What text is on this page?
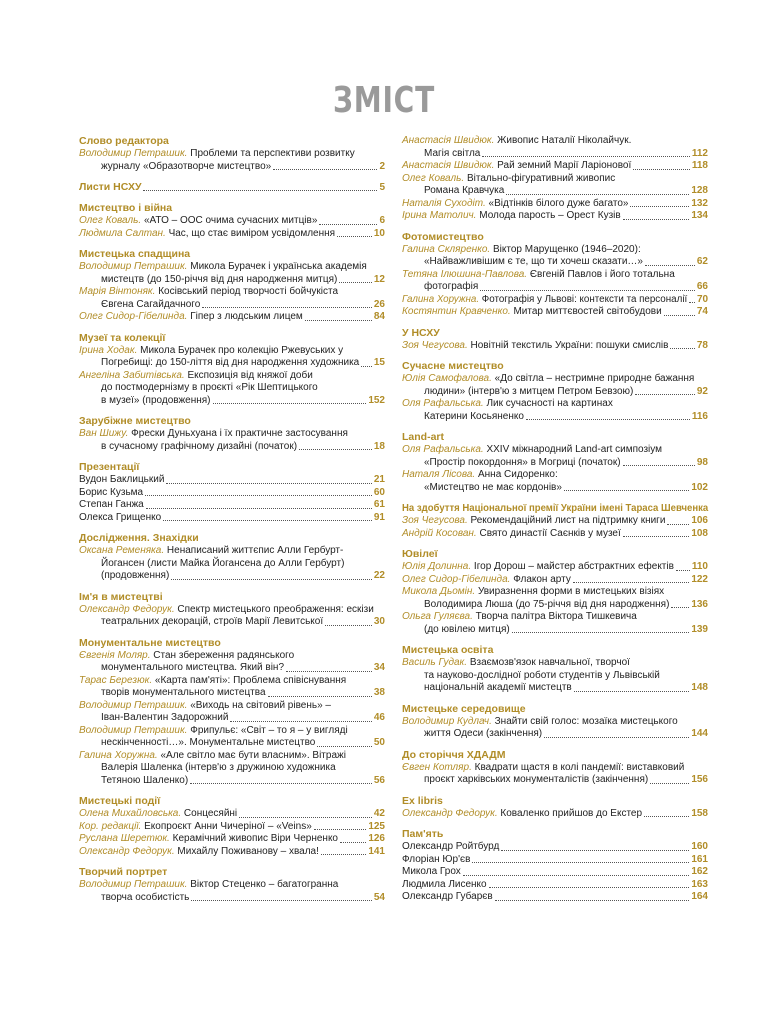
ЗМІСТ
Слово редактора
Володимир Петрашик. Проблеми та перспективи розвитку
журналу «Образотворче мистецтво»	2
Листи НСХУ	5
Мистецтво і війна
Олег Коваль. «АТО – ООС очима сучасних митців»	6
Людмила Салтан. Час, що стає виміром усвідомлення	10
Мистецька спадщина
Володимир Петрашик. Микола Бурачек і українська академія
мистецтв (до 150-річчя від дня народження митця)	12
Марія Вінтоняк. Косівський період творчості бойчукіста
Євгена Сагайдачного	26
Олег Сидор-Гібелинда. Гіпер з людським лицем	84
Музеї та колекції
Ірина Ходак. Микола Бурачек про колекцію Ржевуських у
Погребищі: до 150-ліття від дня народження художника 15
Ангеліна Забитівська. Експозиція від княжої доби
до постмодернізму в проєкті «Рік Шептицького
в музеї» (продовження)	152
Зарубіжне мистецтво
Ван Шижу. Фрески Дуньхуана і їх практичне застосування
в сучасному графічному дизайні (початок)	18
Презентації
Вудон Баклицький	21
Борис Кузьма	60
Степан Ганжа	61
Олекса Грищенко	91
Дослідження. Знахідки
Оксана Ременяка. Ненаписаний життєпис Алли Гербурт-
Йогансен (листи Майка Йогансена до Алли Гербурт)
(продовження)	22
Ім'я в мистецтві
Олександр Федорук. Спектр мистецького преображення: ескізи
театральних декорацій, строїв Марії Левитської	30
Монументальне мистецтво
Євгенія Моляр. Стан збереження радянського
монументального мистецтва. Який він?	34
Тарас Березюк. «Карта пам'яті»: Проблема співіснування
творів монументального мистецтва	38
Володимир Петрашик. «Виходь на світовий рівень» –
Іван-Валентин Задорожний	46
Володимир Петрашик. Фрипульє: «Світ – то я – у вигляді
нескінченності…». Монументальне мистецтво	50
Галина Хоружна. «Але світло має бути власним». Вітражі
Валерія Шаленка (інтерв'ю з дружиною художника
Тетяною Шаленко)	56
Мистецькі події
Олена Михайловська. Сонцесяйні	42
Кор. редакції. Екопроєкт Анни Чичеріної – «Veins»	125
Руслана Шеретюк. Керамічний живопис Віри Черненко	126
Олександр Федорук. Михайлу Поживанову – хвала!	141
Творчий портрет
Володимир Петрашик. Віктор Стеценко – багатогранна
творча особистість	54
Анастасія Швидюк. Живопис Наталії Ніколайчук.
Магія світла	112
Анастасія Швидюк. Рай земний Марії Ларіонової	118
Олег Коваль. Вітально-фігуративний живопис
Романа Кравчука	128
Наталія Суходіт. «Відтінків білого дуже багато»	132
Ірина Матолич. Молода парость – Орест Кузів	134
Фотомистецтво
Галина Скляренко. Віктор Марущенко (1946–2020):
«Найважливішим є те, що ти хочеш сказати…»	62
Тетяна Ілюшина-Павлова. Євгеній Павлов і його тотальна
фотографія	66
Галина Хоружна. Фотографія у Львові: контексти та персоналії 70
Костянтин Кравченко. Митар миттєвостей світобудови	74
У НСХУ
Зоя Чегусова. Новітній текстиль України: пошуки смислів	78
Сучасне мистецтво
Юлія Самофалова. «До світла – нестримне природне бажання
людини» (інтерв'ю з митцем Петром Бевзою)	92
Оля Рафальська. Лик сучасності на картинах
Катерини Косьяненко	116
Land-art
Оля Рафальська. XXIV міжнародний Land-art симпозіум
«Простір покордоння» в Могриці (початок)	98
Наталя Лісова. Анна Сидоренко:
«Мистецтво не має кордонів»	102
На здобуття Національної премії України імені Тараса Шевченка
Зоя Чегусова. Рекомендаційний лист на підтримку книги	106
Андрій Косован. Свято династії Саєнків у музеї	108
Ювілеї
Юлія Долинна. Ігор Дорош – майстер абстрактних ефектів 110
Олег Сидор-Гібелинда. Флакон арту	122
Микола Дьомін. Увиразнення форми в мистецьких візіях
Володимира Люша (до 75-річчя від дня народження) 136
Ольга Гуляєва. Творча палітра Віктора Тишкевича
(до ювілею митця)	139
Мистецька освіта
Василь Гудак. Взаємозв'язок навчальної, творчої
та науково-дослідної роботи студентів у Львівській
національній академії мистецтв	148
Мистецьке середовище
Володимир Кудлач. Знайти свій голос: мозаїка мистецького
життя Одеси (закінчення)	144
До сторіччя ХДАДМ
Євген Котляр. Квадрати щастя в колі пандемії: виставковий
проєкт харківських монументалістів (закінчення)	156
Ex libris
Олександр Федорук. Коваленко прийшов до Екстер	158
Пам'ять
Олександр Ройтбурд	160
Флоріан Юр'єв	161
Микола Грох	162
Людмила Лисенко	163
Олександр Губарєв	164
